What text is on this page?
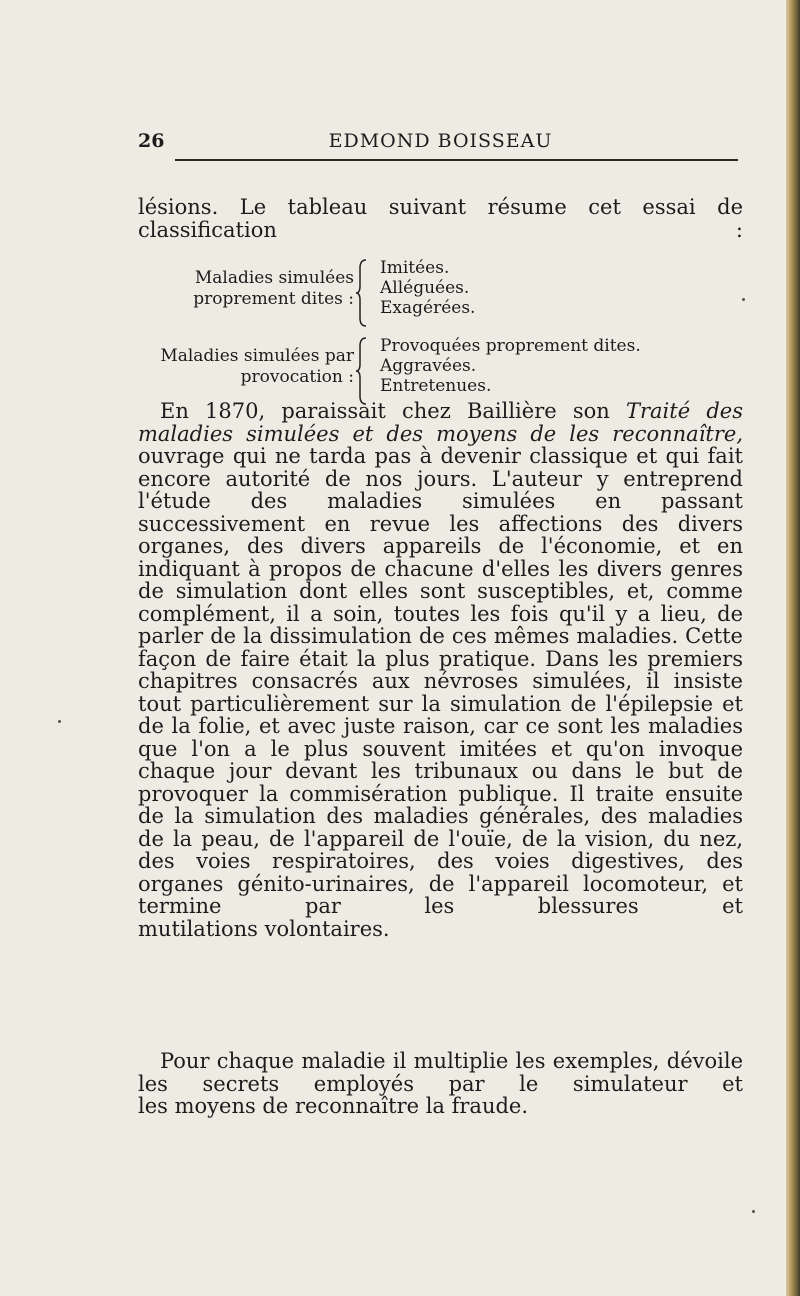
26	EDMOND BOISSEAU

lésions. Le tableau suivant résume cet essai de classification :

Maladies simulées proprement dites :
Imitées.
Alléguées.
Exagérées.
Maladies simulées par provocation :
Provoquées proprement dites.
Aggravées.
Entretenues.

En 1870, paraissait chez Baillière son Traité des maladies simulées et des moyens de les reconnaître, ouvrage qui ne tarda pas à devenir classique et qui fait encore autorité de nos jours. L'auteur y entreprend l'étude des maladies simulées en passant successivement en revue les affections des divers organes, des divers appareils de l'économie, et en indiquant à propos de chacune d'elles les divers genres de simulation dont elles sont susceptibles, et, comme complément, il a soin, toutes les fois qu'il y a lieu, de parler de la dissimulation de ces mêmes maladies. Cette façon de faire était la plus pratique. Dans les premiers chapitres consacrés aux névroses simulées, il insiste tout particulièrement sur la simulation de l'épilepsie et de la folie, et avec juste raison, car ce sont les maladies que l'on a le plus souvent imitées et qu'on invoque chaque jour devant les tribunaux ou dans le but de provoquer la commisération publique. Il traite ensuite de la simulation des maladies générales, des maladies de la peau, de l'appareil de l'ouïe, de la vision, du nez, des voies respiratoires, des voies digestives, des organes génito-urinaires, de l'appareil locomoteur, et termine par les blessures et
mutilations volontaires.

Pour chaque maladie il multiplie les exemples, dévoile les secrets employés par le simulateur et
les moyens de reconnaître la fraude.
